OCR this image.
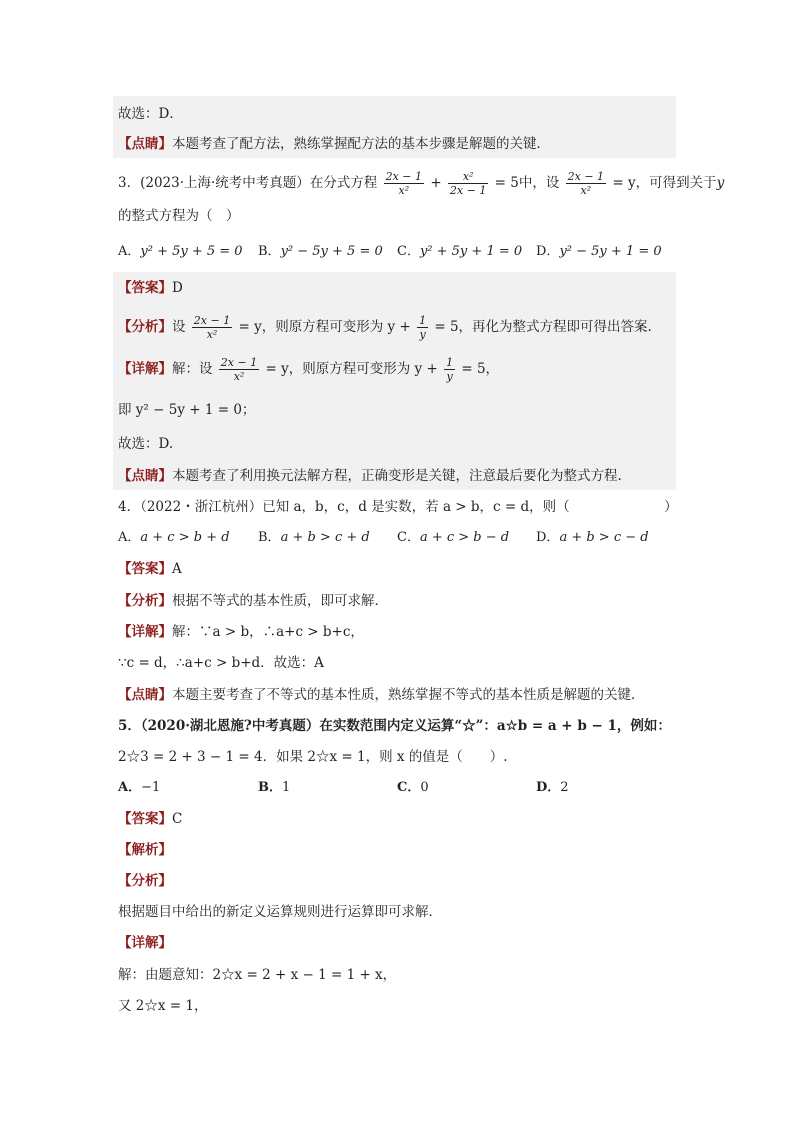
故选：D．
【点睛】本题考查了配方法，熟练掌握配方法的基本步骤是解题的关键．
3．(2023·上海·统考中考真题）在分式方程 $\frac{2x - 1}{\text{x²}} + \frac{\text{x²}}{2x - 1} = 5$中，设 $\frac{2x - 1}{\text{x²}} = y$，可得到关于y
的整式方程为（　）
A．y² + 5y + 5 = 0 B．y² − 5y + 5 = 0 C．y² + 5y + 1 = 0 D．y² − 5y + 1 = 0
【答案】D
【分析】设 $\frac{2x - 1}{\text{x²}} = y$，则原方程可变形为 $y + \frac{1}{y} = 5$，再化为整式方程即可得出答案.
【详解】解：设 $\frac{2x - 1}{\text{x²}} = y$，则原方程可变形为 $y + \frac{1}{y} = 5$，
即 y² − 5y + 1 = 0；
故选：D.
【点睛】本题考查了利用换元法解方程，正确变形是关键，注意最后要化为整式方程.
4．（2022・浙江杭州）已知 a，b，c，d 是实数，若 a > b，c = d，则（　　　　　　　）
A．a + c > b + d B．a + b > c + d C．a + c > b − d D．a + b > c − d
【答案】A
【分析】根据不等式的基本性质，即可求解．
【详解】解：∵a > b，∴a+c > b+c，
∵c = d，∴a+c > b+d．故选：A
【点睛】本题主要考查了不等式的基本性质，熟练掌握不等式的基本性质是解题的关键．
5．（2020·湖北恩施?中考真题）在实数范围内定义运算“☆”：a☆b = a + b − 1，例如：
2☆3 = 2 + 3 − 1 = 4．如果 2☆x = 1，则 x 的值是（　　）.
A．−1	B．1	C．0	D．2
【答案】C
【解析】
【分析】
根据题目中给出的新定义运算规则进行运算即可求解．
【详解】
解：由题意知：2☆x = 2 + x − 1 = 1 + x，
又 2☆x = 1，
